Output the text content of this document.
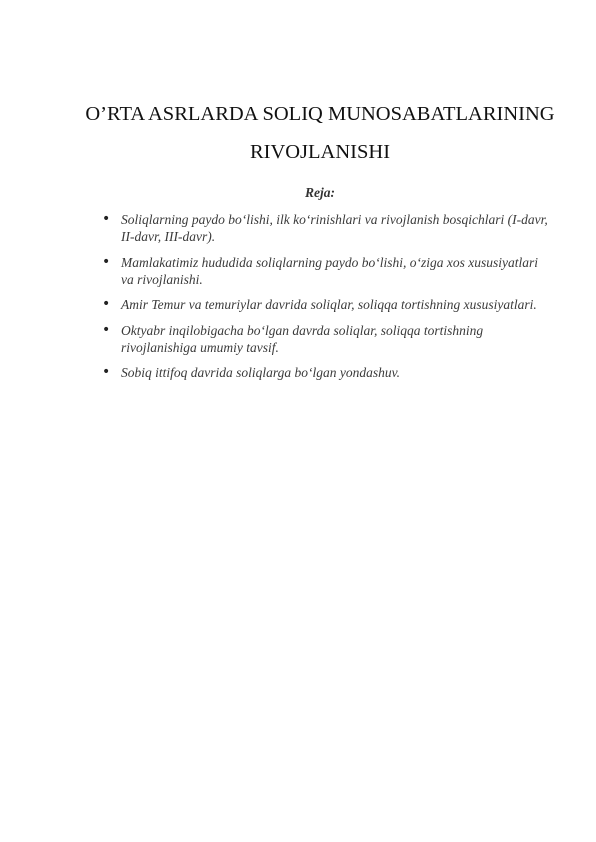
O’RTA ASRLARDA SOLIQ MUNOSABATLARINING
RIVOJLANISHI
Reja:
• Soliqlarning paydo bo‘lishi, ilk ko‘rinishlari va rivojlanish bosqichlari (I-davr, II-davr, III-davr).
• Mamlakatimiz hududida soliqlarning paydo bo‘lishi, o‘ziga xos xususiyatlari va rivojlanishi.
• Amir Temur va temuriylar davrida soliqlar, soliqqa tortishning xususiyatlari.
• Oktyabr inqilobigacha bo‘lgan davrda soliqlar, soliqqa tortishning rivojlanishiga umumiy tavsif.
• Sobiq ittifoq davrida soliqlarga bo‘lgan yondashuv.
